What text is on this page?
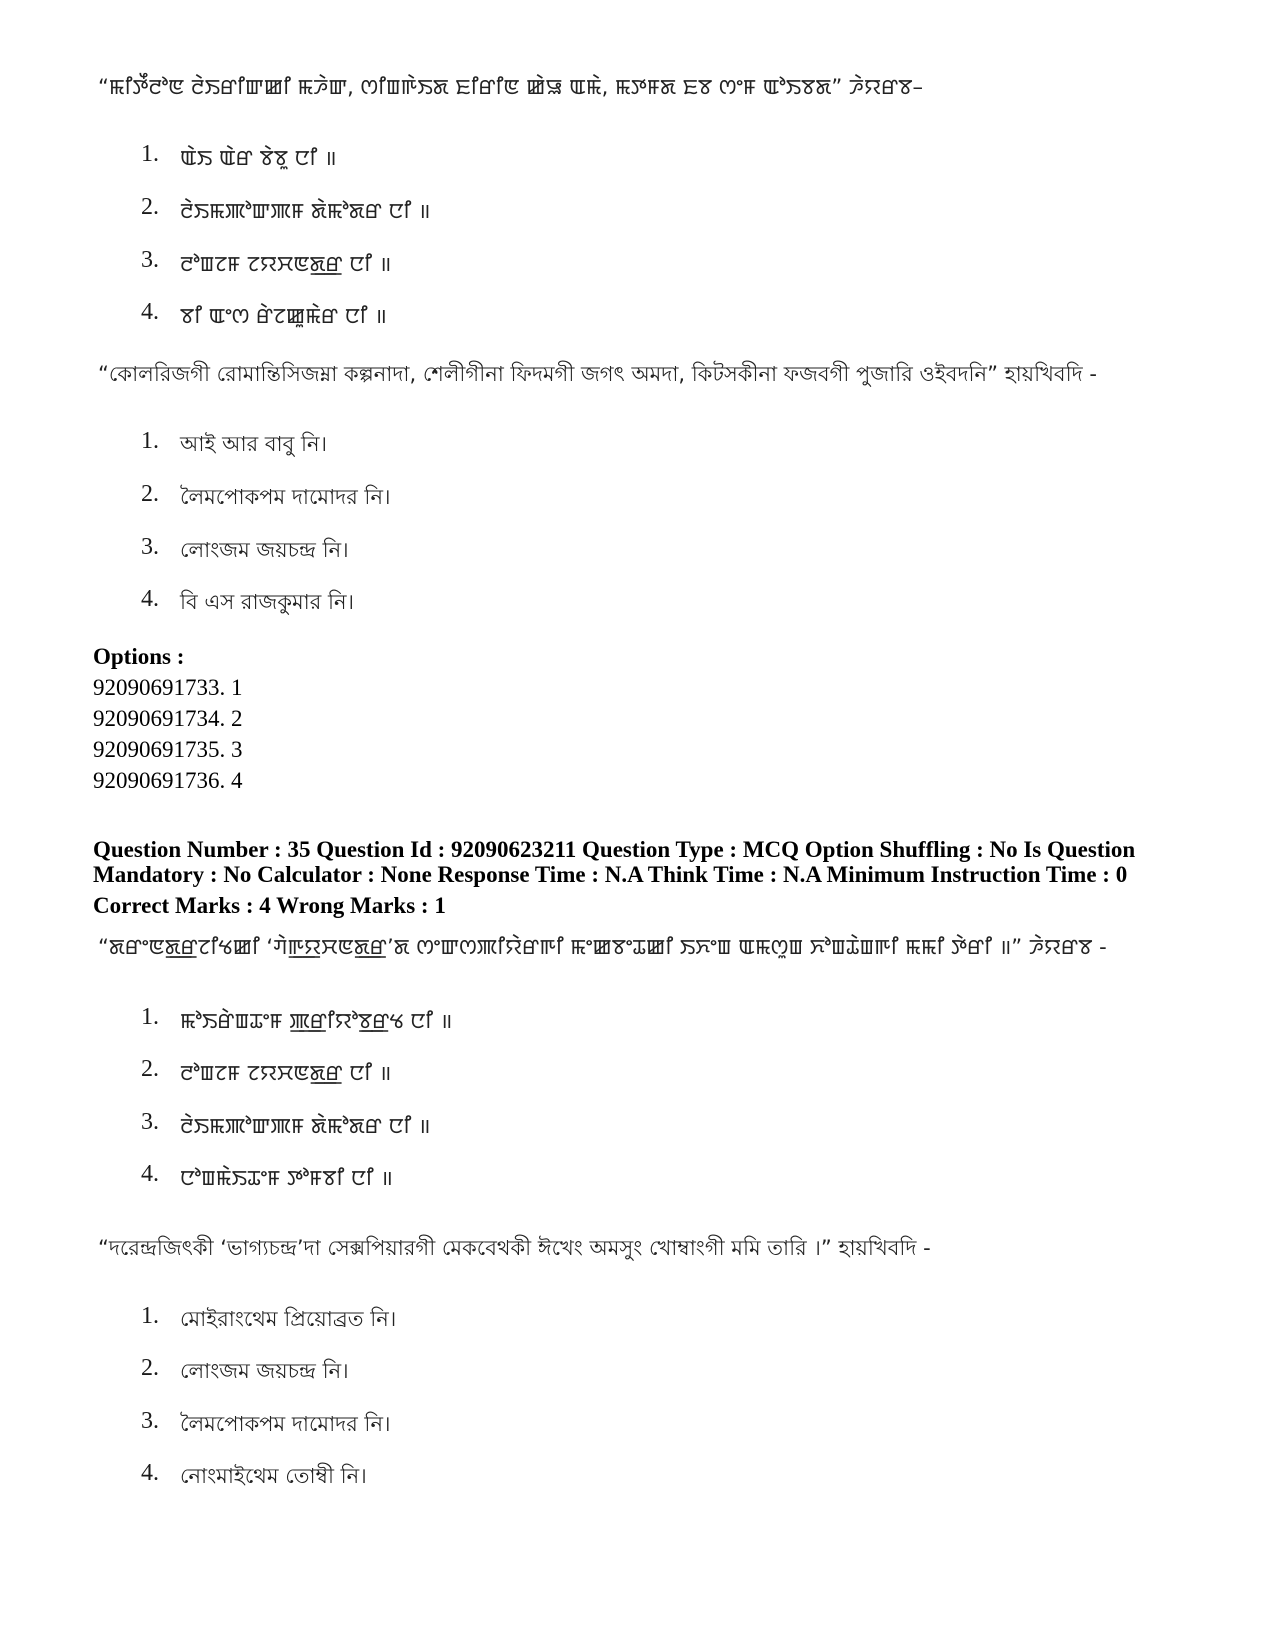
“ꯃꯤꯇꯩꯂꯣꯟ ꯂꯥꯏꯔꯤꯛꯀꯤ ꯃꯍꯥꯛ, ꯁꯤꯡꯒꯥꯏꯗ ꯐꯤꯔꯤꯟ ꯀꯥꯎ ꯑꯃꯥ, ꯃꯇꯝꯗ ꯐꯕ ꯁꯦꯝ ꯑꯣꯏꯕꯗ” ꯍꯥꯌꯔꯕ–
1. ꯑꯥꯏ ꯑꯥꯔ ꯕꯥꯕꯨ ꯅꯤ ॥
2. ꯂꯥꯏꯃꯄꯣꯛꯄꯝ ꯗꯥꯃꯣꯗꯔ ꯅꯤ ॥
3. ꯂꯣꯡꯖꯝ ꯖꯌꯆꯟꯗ꯭ꯔ ꯅꯤ ॥
4. ꯕꯤ ꯑꯦꯁ ꯔꯥꯖꯀꯨꯃꯥꯔ ꯅꯤ ॥
“কোলরিজগী রোমান্তিসিজম্না কল্পনাদা, শেলীগীনা ফিদমগী জগৎ অমদা, কিটসকীনা ফজবগী পুজারি ওইবদনি” হায়খিবদি -
1. আই আর বাবু নি।
2. লৈমপোকপম দামোদর নি।
3. লোংজম জয়চন্দ্র নি।
4. বি এস রাজকুমার নি।
Options :
92090691733. 1
92090691734. 2
92090691735. 3
92090691736. 4
Question Number : 35 Question Id : 92090623211 Question Type : MCQ Option Shuffling : No Is Question
Mandatory : No Calculator : None Response Time : N.A Think Time : N.A Minimum Instruction Time : 0
Correct Marks : 4 Wrong Marks : 1
“ꯗꯔꯦꯟꯗ꯭ꯔꯖꯤꯠꯀꯤ ‘ꯚꯥꯒ꯭ꯌꯆꯟꯗ꯭ꯔ’ꯗ ꯁꯦꯛꯁꯄꯤꯌꯥꯔꯒꯤ ꯃꯦꯀꯕꯦꯊꯀꯤ ꯏꯈꯦꯡ ꯑꯃꯁꯨꯡ ꯈꯣꯡꯊꯥꯡꯒꯤ ꯃꯃꯤ ꯇꯥꯔꯤ ॥” ꯍꯥꯌꯔꯕ -
1. ꯃꯣꯏꯔꯥꯡꯊꯦꯝ ꯄ꯭ꯔꯤꯌꯣꯕ꯭ꯔꯠ ꯅꯤ ॥
2. ꯂꯣꯡꯖꯝ ꯖꯌꯆꯟꯗ꯭ꯔ ꯅꯤ ॥
3. ꯂꯥꯏꯃꯄꯣꯛꯄꯝ ꯗꯥꯃꯣꯗꯔ ꯅꯤ ॥
4. ꯅꯣꯡꯃꯥꯏꯊꯦꯝ ꯇꯣꯝꯕꯤ ꯅꯤ ॥
“দরেন্দ্রজিৎকী ‘ভাগ্যচন্দ্র’দা সেক্সপিয়ারগী মেকবেথকী ঈখেং অমসুং খোম্বাংগী মমি তারি ।” হায়খিবদি -
1. মোইরাংথেম প্রিয়োব্রত নি।
2. লোংজম জয়চন্দ্র নি।
3. লৈমপোকপম দামোদর নি।
4. নোংমাইথেম তোম্বী নি।
